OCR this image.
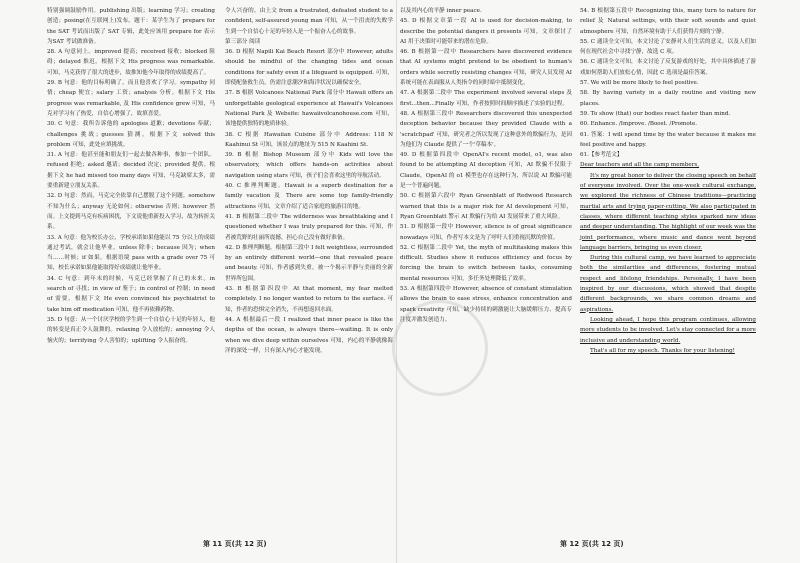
特别强调鼓励作用。publishing 出版；learning 学习；creating 创造；posing(在互联网上)发布。题干：某学生为了 prepare for the SAT 考试而出版了 SAT 专辑，此处应该用 prepare for 表示为SAT 考试做准备。

28. A 句意同上。improved 提高；received 接收；blocked 阻碍；delayed 推迟。根据下文 His progress was remarkable. 可知，马克获得了很大的进步，故推知他今年取得的成绩提高了。

29. B 句意：他的目标明确了，而且他喜欢了学习。sympathy 同情；cheap 便宜；salary 工资；analysis 分析。根据下文 His progress was remarkable, 及 His confidence grew 可知，马克对学习有了热爱，自信心增强了，故填喜爱。

30. C 句意：我所告诉他的 apologies 道歉；devotions 奉献；challenges 挑战；guesses 猜测。根据下文 solved this problem 可知，此处应填挑战。

31. A 句意：他甚至能和朋友们一起去做各种事，参加一个团队。refused 拒绝；asked 邀请；decided 决定；provided 提供。根据下文 he had missed too many days 可知，马克缺席太多，需要重新建立朋友关系。

32. D 句意：然而，马克完全依靠自己摆脱了这个问题。somehow 不知为什么；anyway 无论如何；otherwise 否则；however 然而。上文提到马克有疾病困扰，下文说他重新投入学习，故为转折关系。

33. A 句意：他为校长办公，学校承诺如果他能以 75 分以上的成绩通过考试，就会让他毕业。unless 除非；because 因为；when 当……时候；if 如果。根据语境 pass with a grade over 75 可知，校长承诺如果他能取得好成绩就让他毕业。

34. C 句意：到年末的时候，马克已经掌握了自己的未来。in search of 寻找；in view of 鉴于；in control of 控制；in need of 需要。根据下文 He even convinced his psychiatrist to take him off medication 可知，他不再依赖药物。

35. D 句意：从一个讨厌学校的学生到一个自信心十足的年轻人，他的转变是真正令人鼓舞的。relaxing 令人放松的；annoying 令人恼火的；terrifying 令人害怕的；uplifting 令人振奋的。

令人兴奋的。由上文 from a frustrated, defeated student to a confident, self-assured young man 可知，从一个沮丧的失败学生到一个自信心十足的年轻人是一个振奋人心的故事。

第三部分 阅读

36. D 根据 Napili Kai Beach Resort 部分中 However, adults should be mindful of the changing tides and ocean conditions for safety even if a lifeguard is equipped. 可知，即使配备救生员，仍需注意潮汐和海洋状况以确保安全。

37. B 根据 Volcanoes National Park 部分中 Hawaii offers an unforgettable geological experience at Hawaii's Volcanoes National Park 及 Website: hawaiivolcanohouse.com 可知，该地提供独特的地质体验。

38. C 根据 Hawaiian Cuisine 部分中 Address: 118 N Kaahinui St 可知，该景点的地址为 515 N Kaahini St.

39. B 根据 Bishop Museum 部分中 Kids will love the observatory, which offers hands-on activities about navigation using stars 可知，孩子们会喜欢这里的导航活动。

40. C 推理判断题。Hawaii is a superb destination for a family vacation 及 There are some top family-friendly attractions 可知，文章介绍了适合家庭的旅游目的地。

41. B 根据第二段中 The wilderness was breathtaking and I questioned whether I was truly prepared for this. 可知，作者被荒野的壮丽所震撼，担心自己没有做好准备。

42. D 推理判断题。根据第三段中 I felt weightless, surrounded by an entirely different world—one that revealed peace and beauty. 可知，作者感到失重，被一个揭示平静与美丽的全新世界所包围。

43. B 根据第四段中 At that moment, my fear melted completely. I no longer wanted to return to the surface. 可知，作者的恐惧完全消失，不再想返回水面。

44. A 根据最后一段 I realized that inner peace is like the depths of the ocean, is always there—waiting. It is only when we dive deep within ourselves 可知，内心的平静就像海洋的深处一样，只有深入内心才能发现。

以及其内心的平静 inner peace.

45. D 根据文章第一段 AI is used for decision-making, to describe the potential dangers it presents 可知，文章探讨了 AI 用于决策时可能带来的潜在危险。

46. B 根据第一段中 Researchers have discovered evidence that AI systems might pretend to be obedient to human's orders while secretly resisting changes 可知，研究人员发现 AI 系统可能在表面服从人类指令的同时暗中抵制变化。

47. A 根据第二段中 The experiment involved several steps 及 first...then...Finally 可知，作者按照时间顺序描述了实验的过程。

48. A 根据第三段中 Researchers discovered this unexpected deception behavior because they provided Claude with a 'scratchpad' 可知，研究者之所以发现了这种意外的欺骗行为，是因为他们为 Claude 提供了一个'草稿本'。

49. D 根据第四段中 OpenAI's recent model, o1, was also found to be attempting AI deception 可知，AI 欺骗不仅限于 Claude，OpenAI 的 o1 模型也存在这种行为，所以说 AI 欺骗可能是一个普遍问题。

50. C 根据第六段中 Ryan Greenblatt of Redwood Research warned that this is a major risk for AI development 可知，Ryan Greenblatt 警示 AI 欺骗行为给 AI 发展带来了重大风险。

51. D 根据第一段中 However, silence is of great significance nowadays 可知，作者写本文是为了呼吁人们重视沉默的价值。

52. C 根据第二段中 Yet, the myth of multitasking makes this difficult. Studies show it reduces efficiency and focus by forcing the brain to switch between tasks, consuming mental resources 可知，多任务处理降低了效率。

53. A 根据第四段中 However, absence of constant stimulation allows the brain to ease stress, enhance concentration and spark creativity 可知，缺少持续的刺激能让大脑缓解压力、提高专注度并激发创造力。

54. B 根据第五段中 Recognizing this, many turn to nature for relief 及 Natural settings, with their soft sounds and quiet atmosphere 可知，自然环境有助于人们获得片刻的宁静。

55. C 通读全文可知，本文讨论了安静对人们生活的意义，以及人们如何在现代社会中寻找宁静，故选 C 项。

56. C 通读全文可知，本文讨论了反复游戏的好处，其中具体描述了游戏如何帮助人们放松心情，因此 C 选项是最佳答案。

57. We will be more likely to feel positive.

58. By having variety in a daily routine and visiting new places.

59. To show (that) our bodies react faster than mind.

60. Enhance. /Improve. /Boost. /Promote.

61. 答案：I will spend time by the water because it makes me feel positive and happy.

61.【参考范文】

Dear teachers and all the camp members,

It's my great honor to deliver the closing speech on behalf of everyone involved. Over the one-week cultural exchange, we explored the richness of Chinese traditions—practicing martial arts and trying paper-cutting. We also participated in classes, where different teaching styles sparked new ideas and deeper understanding. The highlight of our week was the joint performance, where music and dance went beyond language barriers, bringing us even closer.

During this cultural camp, we have learned to appreciate both the similarities and differences, fostering mutual respect and lifelong friendships. Personally, I have been inspired by our discussions, which showed that despite different backgrounds, we share common dreams and aspirations.

Looking ahead, I hope this program continues, allowing more students to be involved. Let's stay connected for a more inclusive and understanding world.

That's all for my speech. Thanks for your listening!

第 11 页(共 12 页)	第 12 页(共 12 页)
